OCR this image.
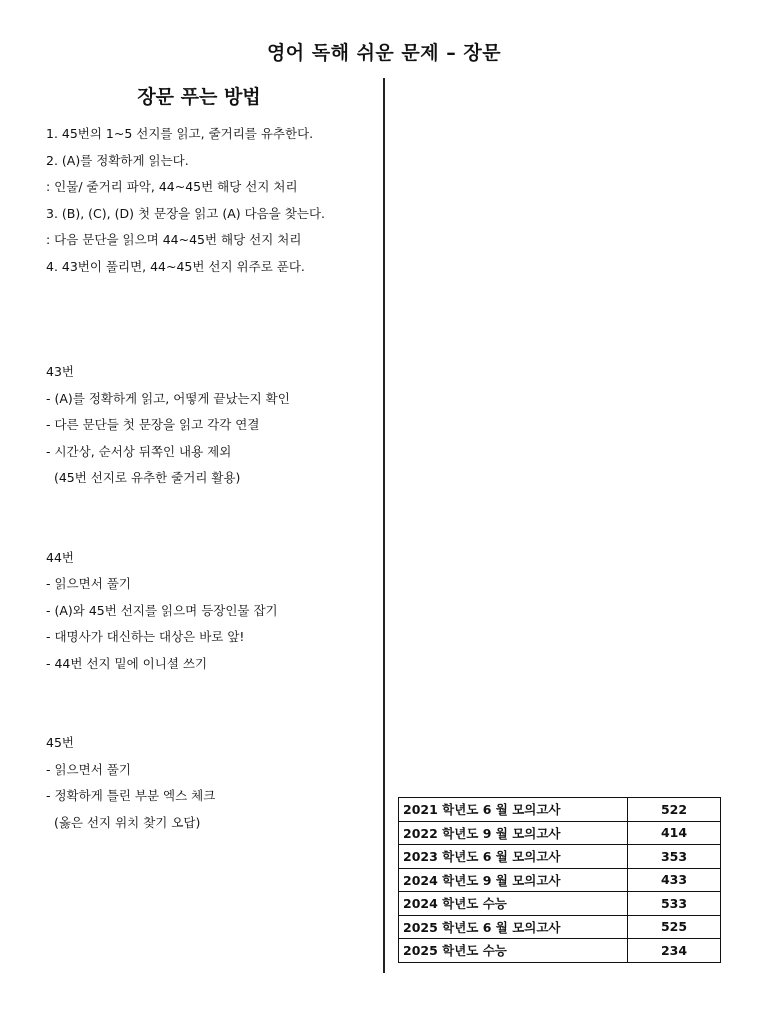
영어 독해 쉬운 문제 – 장문
장문 푸는 방법
1. 45번의 1~5 선지를 읽고, 줄거리를 유추한다.
2. (A)를 정확하게 읽는다.
: 인물/ 줄거리 파악, 44~45번 해당 선지 처리
3. (B), (C), (D) 첫 문장을 읽고 (A) 다음을 찾는다.
: 다음 문단을 읽으며 44~45번 해당 선지 처리
4. 43번이 풀리면, 44~45번 선지 위주로 푼다.
43번
- (A)를 정확하게 읽고, 어떻게 끝났는지 확인
- 다른 문단들 첫 문장을 읽고 각각 연결
- 시간상, 순서상 뒤쪽인 내용 제외
(45번 선지로 유추한 줄거리 활용)
44번
- 읽으면서 풀기
- (A)와 45번 선지를 읽으며 등장인물 잡기
- 대명사가 대신하는 대상은 바로 앞!
- 44번 선지 밑에 이니셜 쓰기
45번
- 읽으면서 풀기
- 정확하게 틀린 부분 엑스 체크
(옳은 선지 위치 찾기 오답)
2021 학년도 6 월 모의고사	522
2022 학년도 9 월 모의고사	414
2023 학년도 6 월 모의고사	353
2024 학년도 9 월 모의고사	433
2024 학년도 수능	533
2025 학년도 6 월 모의고사	525
2025 학년도 수능	234
